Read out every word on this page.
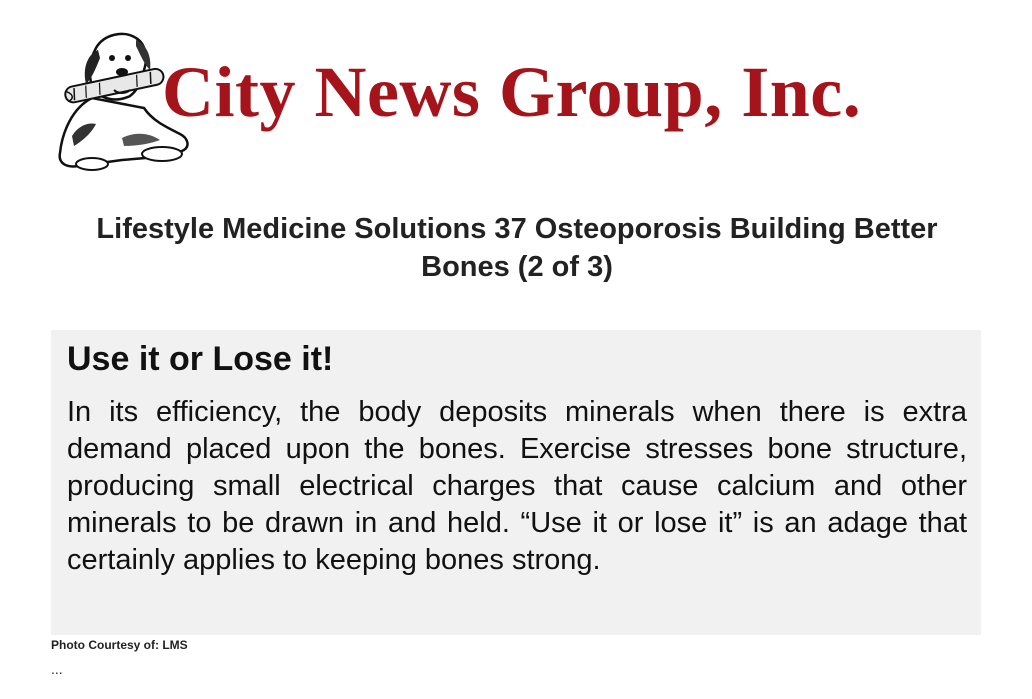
City News Group, Inc.
Lifestyle Medicine Solutions 37 Osteoporosis Building Better Bones (2 of 3)
Use it or Lose it!

In its efficiency, the body deposits minerals when there is extra demand placed upon the bones. Exercise stresses bone structure, producing small electrical charges that cause calcium and other minerals to be drawn in and held. “Use it or lose it” is an adage that certainly applies to keeping bones strong.

Photo Courtesy of: LMS
...
